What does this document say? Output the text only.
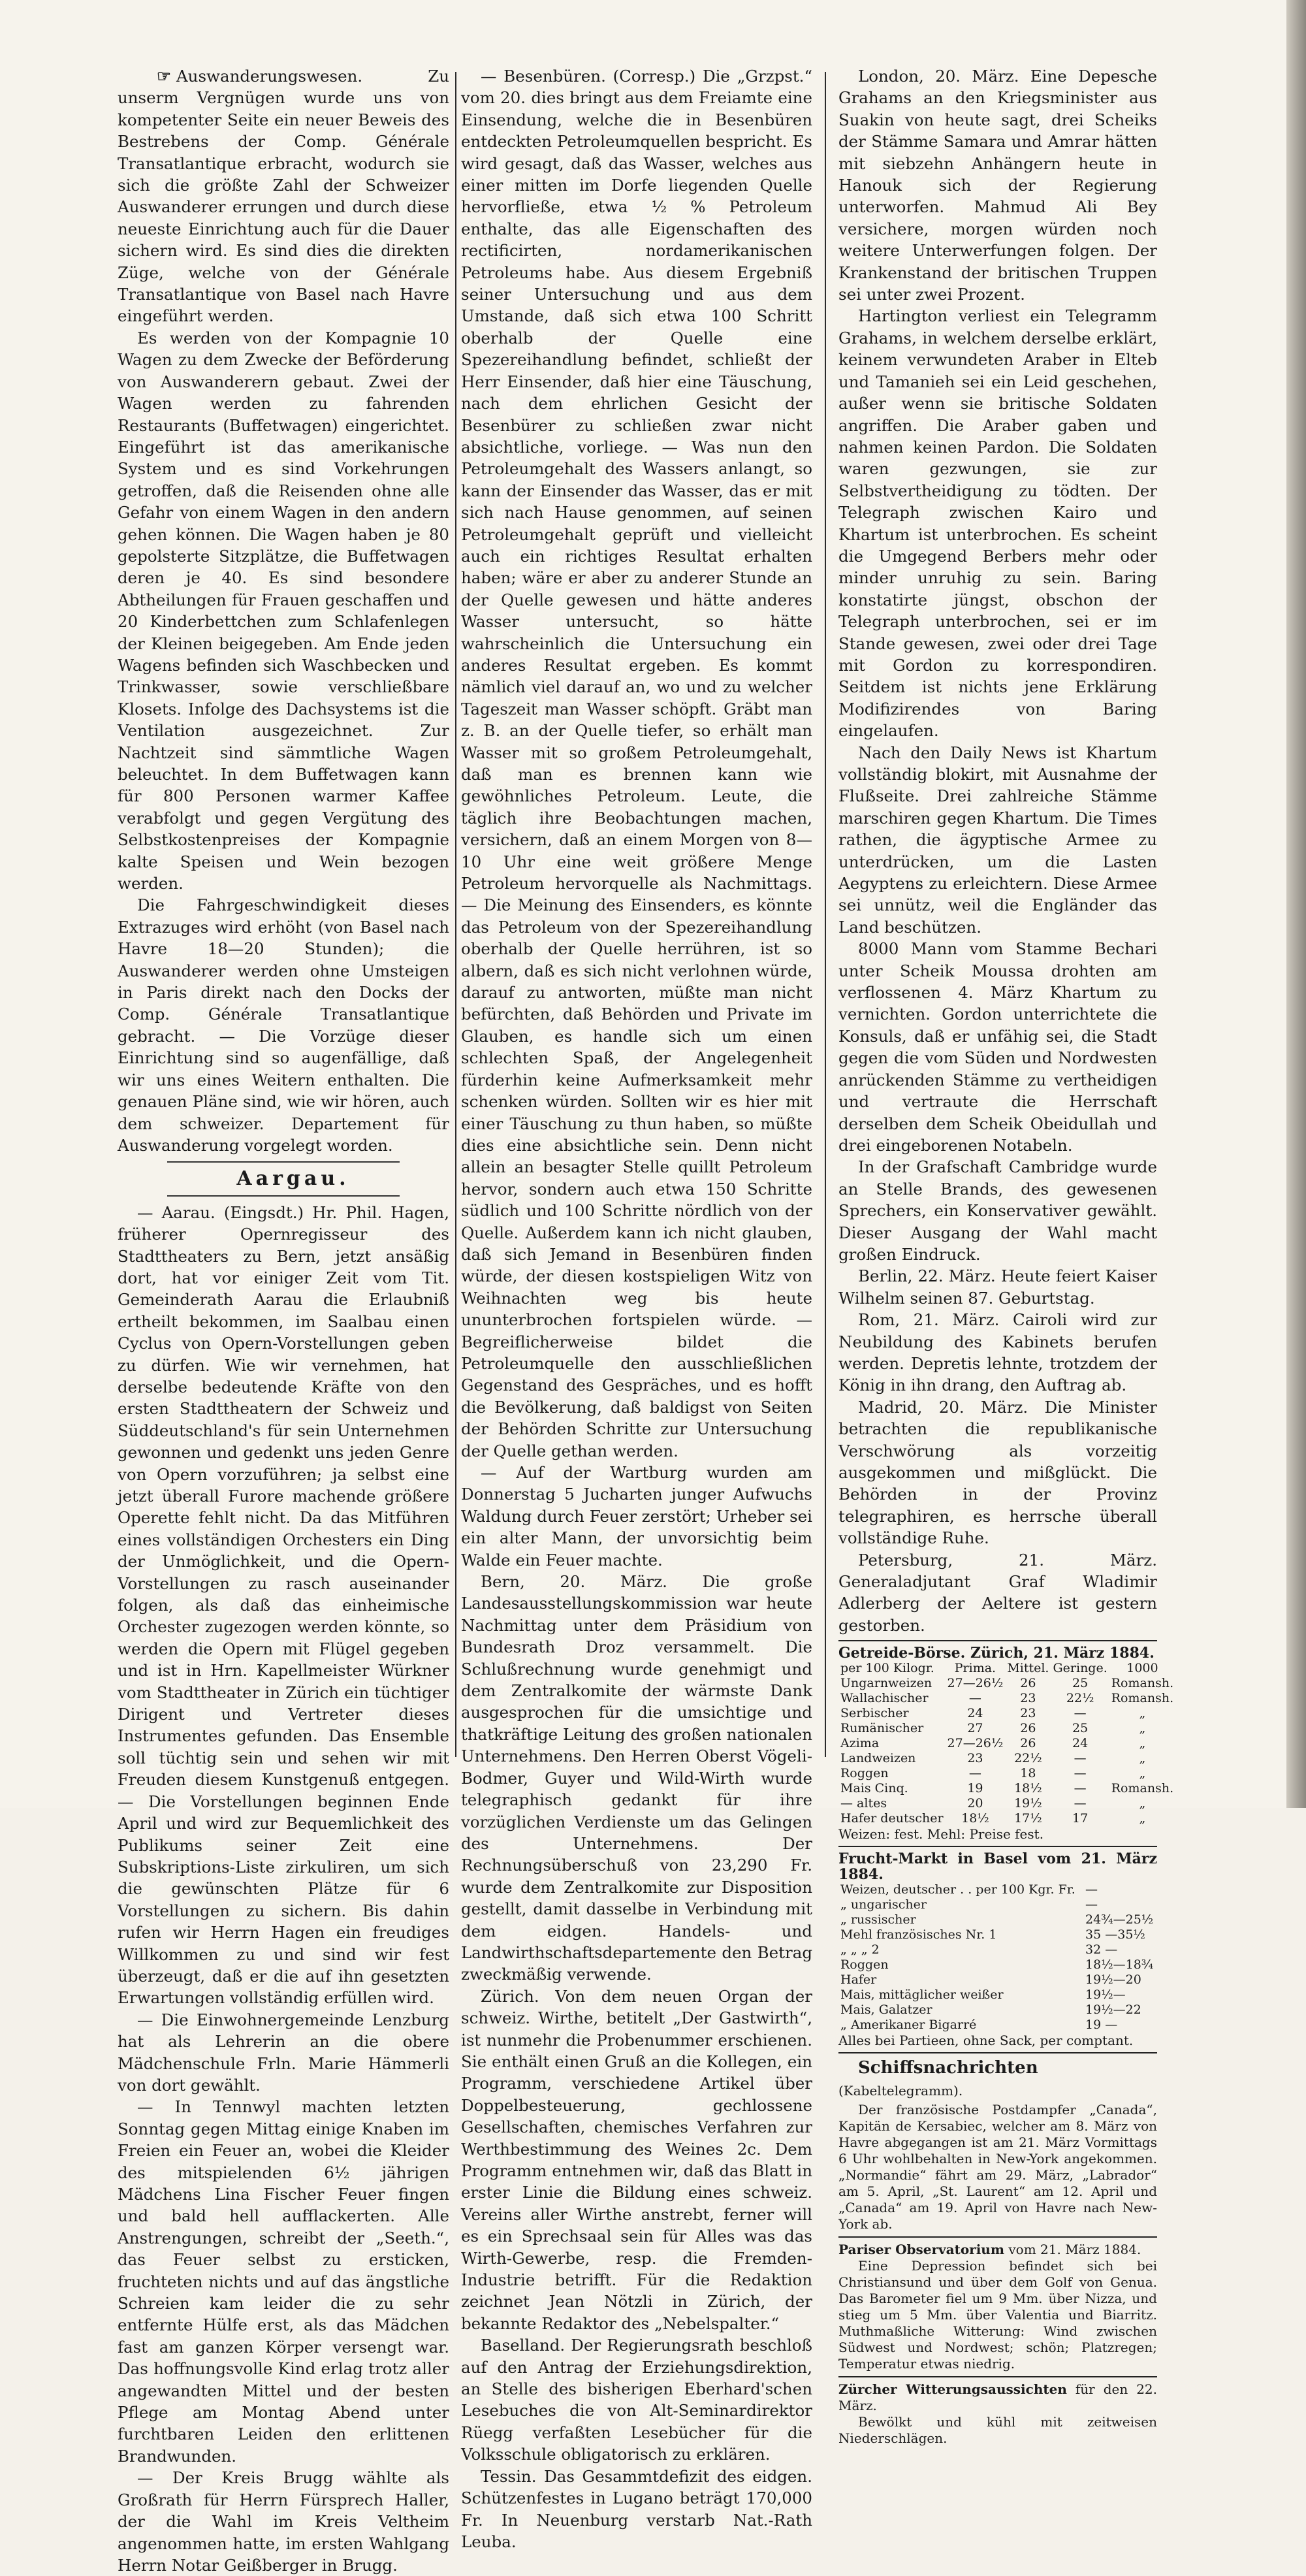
☞ Auswanderungswesen. Zu unserm Vergnügen wurde uns von kompetenter Seite ein neuer Beweis des Bestrebens der Comp. Générale Transatlantique erbracht, wodurch sie sich die größte Zahl der Schweizer Auswanderer errungen und durch diese neueste Einrichtung auch für die Dauer sichern wird. Es sind dies die direkten Züge, welche von der Générale Transatlantique von Basel nach Havre eingeführt werden.

Es werden von der Kompagnie 10 Wagen zu dem Zwecke der Beförderung von Auswanderern gebaut. Zwei der Wagen werden zu fahrenden Restaurants (Buffetwagen) eingerichtet. Eingeführt ist das amerikanische System und es sind Vorkehrungen getroffen, daß die Reisenden ohne alle Gefahr von einem Wagen in den andern gehen können. Die Wagen haben je 80 gepolsterte Sitzplätze, die Buffetwagen deren je 40. Es sind besondere Abtheilungen für Frauen geschaffen und 20 Kinderbettchen zum Schlafenlegen der Kleinen beigegeben. Am Ende jeden Wagens befinden sich Waschbecken und Trinkwasser, sowie verschließbare Klosets. Infolge des Dachsystems ist die Ventilation ausgezeichnet. Zur Nachtzeit sind sämmtliche Wagen beleuchtet. In dem Buffetwagen kann für 800 Personen warmer Kaffee verabfolgt und gegen Vergütung des Selbstkostenpreises der Kompagnie kalte Speisen und Wein bezogen werden.

Die Fahrgeschwindigkeit dieses Extrazuges wird erhöht (von Basel nach Havre 18—20 Stunden); die Auswanderer werden ohne Umsteigen in Paris direkt nach den Docks der Comp. Générale Transatlantique gebracht. — Die Vorzüge dieser Einrichtung sind so augenfällige, daß wir uns eines Weitern enthalten. Die genauen Pläne sind, wie wir hören, auch dem schweizer. Departement für Auswanderung vorgelegt worden.

Aargau.

— Aarau. (Eingsdt.) Hr. Phil. Hagen, früherer Opernregisseur des Stadttheaters zu Bern, jetzt ansäßig dort, hat vor einiger Zeit vom Tit. Gemeinderath Aarau die Erlaubniß ertheilt bekommen, im Saalbau einen Cyclus von Opern-Vorstellungen geben zu dürfen. Wie wir vernehmen, hat derselbe bedeutende Kräfte von den ersten Stadttheatern der Schweiz und Süddeutschland's für sein Unternehmen gewonnen und gedenkt uns jeden Genre von Opern vorzuführen; ja selbst eine jetzt überall Furore machende größere Operette fehlt nicht. Da das Mitführen eines vollständigen Orchesters ein Ding der Unmöglichkeit, und die Opern-Vorstellungen zu rasch auseinander folgen, als daß das einheimische Orchester zugezogen werden könnte, so werden die Opern mit Flügel gegeben und ist in Hrn. Kapellmeister Würkner vom Stadttheater in Zürich ein tüchtiger Dirigent und Vertreter dieses Instrumentes gefunden. Das Ensemble soll tüchtig sein und sehen wir mit Freuden diesem Kunstgenuß entgegen. — Die Vorstellungen beginnen Ende April und wird zur Bequemlichkeit des Publikums seiner Zeit eine Subskriptions-Liste zirkuliren, um sich die gewünschten Plätze für 6 Vorstellungen zu sichern. Bis dahin rufen wir Herrn Hagen ein freudiges Willkommen zu und sind wir fest überzeugt, daß er die auf ihn gesetzten Erwartungen vollständig erfüllen wird.

— Die Einwohnergemeinde Lenzburg hat als Lehrerin an die obere Mädchenschule Frln. Marie Hämmerli von dort gewählt.

— In Tennwyl machten letzten Sonntag gegen Mittag einige Knaben im Freien ein Feuer an, wobei die Kleider des mitspielenden 6½ jährigen Mädchens Lina Fischer Feuer fingen und bald hell aufflackerten. Alle Anstrengungen, schreibt der „Seeth.“, das Feuer selbst zu ersticken, fruchteten nichts und auf das ängstliche Schreien kam leider die zu sehr entfernte Hülfe erst, als das Mädchen fast am ganzen Körper versengt war. Das hoffnungsvolle Kind erlag trotz aller angewandten Mittel und der besten Pflege am Montag Abend unter furchtbaren Leiden den erlittenen Brandwunden.

— Der Kreis Brugg wählte als Großrath für Herrn Fürsprech Haller, der die Wahl im Kreis Veltheim angenommen hatte, im ersten Wahlgang Herrn Notar Geißberger in Brugg.

— Besenbüren. (Corresp.) Die „Grzpst.“ vom 20. dies bringt aus dem Freiamte eine Einsendung, welche die in Besenbüren entdeckten Petroleumquellen bespricht. Es wird gesagt, daß das Wasser, welches aus einer mitten im Dorfe liegenden Quelle hervorfließe, etwa ½ % Petroleum enthalte, das alle Eigenschaften des rectificirten, nordamerikanischen Petroleums habe. Aus diesem Ergebniß seiner Untersuchung und aus dem Umstande, daß sich etwa 100 Schritt oberhalb der Quelle eine Spezereihandlung befindet, schließt der Herr Einsender, daß hier eine Täuschung, nach dem ehrlichen Gesicht der Besenbürer zu schließen zwar nicht absichtliche, vorliege. — Was nun den Petroleumgehalt des Wassers anlangt, so kann der Einsender das Wasser, das er mit sich nach Hause genommen, auf seinen Petroleumgehalt geprüft und vielleicht auch ein richtiges Resultat erhalten haben; wäre er aber zu anderer Stunde an der Quelle gewesen und hätte anderes Wasser untersucht, so hätte wahrscheinlich die Untersuchung ein anderes Resultat ergeben. Es kommt nämlich viel darauf an, wo und zu welcher Tageszeit man Wasser schöpft. Gräbt man z. B. an der Quelle tiefer, so erhält man Wasser mit so großem Petroleumgehalt, daß man es brennen kann wie gewöhnliches Petroleum. Leute, die täglich ihre Beobachtungen machen, versichern, daß an einem Morgen von 8—10 Uhr eine weit größere Menge Petroleum hervorquelle als Nachmittags. — Die Meinung des Einsenders, es könnte das Petroleum von der Spezereihandlung oberhalb der Quelle herrühren, ist so albern, daß es sich nicht verlohnen würde, darauf zu antworten, müßte man nicht befürchten, daß Behörden und Private im Glauben, es handle sich um einen schlechten Spaß, der Angelegenheit fürderhin keine Aufmerksamkeit mehr schenken würden. Sollten wir es hier mit einer Täuschung zu thun haben, so müßte dies eine absichtliche sein. Denn nicht allein an besagter Stelle quillt Petroleum hervor, sondern auch etwa 150 Schritte südlich und 100 Schritte nördlich von der Quelle. Außerdem kann ich nicht glauben, daß sich Jemand in Besenbüren finden würde, der diesen kostspieligen Witz von Weihnachten weg bis heute ununterbrochen fortspielen würde. — Begreiflicherweise bildet die Petroleumquelle den ausschließlichen Gegenstand des Gespräches, und es hofft die Bevölkerung, daß baldigst von Seiten der Behörden Schritte zur Untersuchung der Quelle gethan werden.

— Auf der Wartburg wurden am Donnerstag 5 Jucharten junger Aufwuchs Waldung durch Feuer zerstört; Urheber sei ein alter Mann, der unvorsichtig beim Walde ein Feuer machte.

Bern, 20. März. Die große Landesausstellungskommission war heute Nachmittag unter dem Präsidium von Bundesrath Droz versammelt. Die Schlußrechnung wurde genehmigt und dem Zentralkomite der wärmste Dank ausgesprochen für die umsichtige und thatkräftige Leitung des großen nationalen Unternehmens. Den Herren Oberst Vögeli-Bodmer, Guyer und Wild-Wirth wurde telegraphisch gedankt für ihre vorzüglichen Verdienste um das Gelingen des Unternehmens. Der Rechnungsüberschuß von 23,290 Fr. wurde dem Zentralkomite zur Disposition gestellt, damit dasselbe in Verbindung mit dem eidgen. Handels- und Landwirthschaftsdepartemente den Betrag zweckmäßig verwende.

Zürich. Von dem neuen Organ der schweiz. Wirthe, betitelt „Der Gastwirth“, ist nunmehr die Probenummer erschienen. Sie enthält einen Gruß an die Kollegen, ein Programm, verschiedene Artikel über Doppelbesteuerung, gechlossene Gesellschaften, chemisches Verfahren zur Werthbestimmung des Weines 2c. Dem Programm entnehmen wir, daß das Blatt in erster Linie die Bildung eines schweiz. Vereins aller Wirthe anstrebt, ferner will es ein Sprechsaal sein für Alles was das Wirth-Gewerbe, resp. die Fremden-Industrie betrifft. Für die Redaktion zeichnet Jean Nötzli in Zürich, der bekannte Redaktor des „Nebelspalter.“

Baselland. Der Regierungsrath beschloß auf den Antrag der Erziehungsdirektion, an Stelle des bisherigen Eberhard'schen Lesebuches die von Alt-Seminardirektor Rüegg verfaßten Lesebücher für die Volksschule obligatorisch zu erklären.

Tessin. Das Gesammtdefizit des eidgen. Schützenfestes in Lugano beträgt 170,000 Fr. In Neuenburg verstarb Nat.-Rath Leuba.

London, 20. März. Eine Depesche Grahams an den Kriegsminister aus Suakin von heute sagt, drei Scheiks der Stämme Samara und Amrar hätten mit siebzehn Anhängern heute in Hanouk sich der Regierung unterworfen. Mahmud Ali Bey versichere, morgen würden noch weitere Unterwerfungen folgen. Der Krankenstand der britischen Truppen sei unter zwei Prozent.

Hartington verliest ein Telegramm Grahams, in welchem derselbe erklärt, keinem verwundeten Araber in Elteb und Tamanieh sei ein Leid geschehen, außer wenn sie britische Soldaten angriffen. Die Araber gaben und nahmen keinen Pardon. Die Soldaten waren gezwungen, sie zur Selbstvertheidigung zu tödten. Der Telegraph zwischen Kairo und Khartum ist unterbrochen. Es scheint die Umgegend Berbers mehr oder minder unruhig zu sein. Baring konstatirte jüngst, obschon der Telegraph unterbrochen, sei er im Stande gewesen, zwei oder drei Tage mit Gordon zu korrespondiren. Seitdem ist nichts jene Erklärung Modifizirendes von Baring eingelaufen.

Nach den Daily News ist Khartum vollständig blokirt, mit Ausnahme der Flußseite. Drei zahlreiche Stämme marschiren gegen Khartum. Die Times rathen, die ägyptische Armee zu unterdrücken, um die Lasten Aegyptens zu erleichtern. Diese Armee sei unnütz, weil die Engländer das Land beschützen.

8000 Mann vom Stamme Bechari unter Scheik Moussa drohten am verflossenen 4. März Khartum zu vernichten. Gordon unterrichtete die Konsuls, daß er unfähig sei, die Stadt gegen die vom Süden und Nordwesten anrückenden Stämme zu vertheidigen und vertraute die Herrschaft derselben dem Scheik Obeidullah und drei eingeborenen Notabeln.

In der Grafschaft Cambridge wurde an Stelle Brands, des gewesenen Sprechers, ein Konservativer gewählt. Dieser Ausgang der Wahl macht großen Eindruck.

Berlin, 22. März. Heute feiert Kaiser Wilhelm seinen 87. Geburtstag.

Rom, 21. März. Cairoli wird zur Neubildung des Kabinets berufen werden. Depretis lehnte, trotzdem der König in ihn drang, den Auftrag ab.

Madrid, 20. März. Die Minister betrachten die republikanische Verschwörung als vorzeitig ausgekommen und mißglückt. Die Behörden in der Provinz telegraphiren, es herrsche überall vollständige Ruhe.

Petersburg, 21. März. Generaladjutant Graf Wladimir Adlerberg der Aeltere ist gestern gestorben.

Getreide-Börse. Zürich, 21. März 1884.

per 100 Kilogr.	Prima.	Mittel.	Geringe.	1000
Ungarnweizen	27—26½	26	25	Romansh.
Wallachischer	—	23	22½	Romansh.
Serbischer	24	23	—	„
Rumänischer	27	26	25	„
Azima	27—26½	26	24	„
Landweizen	23	22½	—	„
Roggen	—	18	—	„
Mais Cinq.	19	18½	—	Romansh.
— altes	20	19½	—	„
Hafer deutscher	18½	17½	17	„

Weizen: fest. Mehl: Preise fest.

Frucht-Markt in Basel vom 21. März 1884.

Weizen, deutscher . . per 100 Kgr. Fr.	—
„ ungarischer	—
„ russischer	24¾—25½
Mehl französisches Nr. 1	35 —35½
„ „ „ 2	32 —
Roggen	18½—18¾
Hafer	19½—20
Mais, mittäglicher weißer	19½—
Mais, Galatzer	19½—22
„ Amerikaner Bigarré	19 —

Alles bei Partieen, ohne Sack, per comptant.

Schiffsnachrichten (Kabeltelegramm).

Der französische Postdampfer „Canada“, Kapitän de Kersabiec, welcher am 8. März von Havre abgegangen ist am 21. März Vormittags 6 Uhr wohlbehalten in New-York angekommen. „Normandie“ fährt am 29. März, „Labrador“ am 5. April, „St. Laurent“ am 12. April und „Canada“ am 19. April von Havre nach New-York ab.

Pariser Observatorium vom 21. März 1884.

Eine Depression befindet sich bei Christiansund und über dem Golf von Genua. Das Barometer fiel um 9 Mm. über Nizza, und stieg um 5 Mm. über Valentia und Biarritz. Muthmaßliche Witterung: Wind zwischen Südwest und Nordwest; schön; Platzregen; Temperatur etwas niedrig.

Zürcher Witterungsaussichten für den 22. März.

Bewölkt und kühl mit zeitweisen Niederschlägen.
